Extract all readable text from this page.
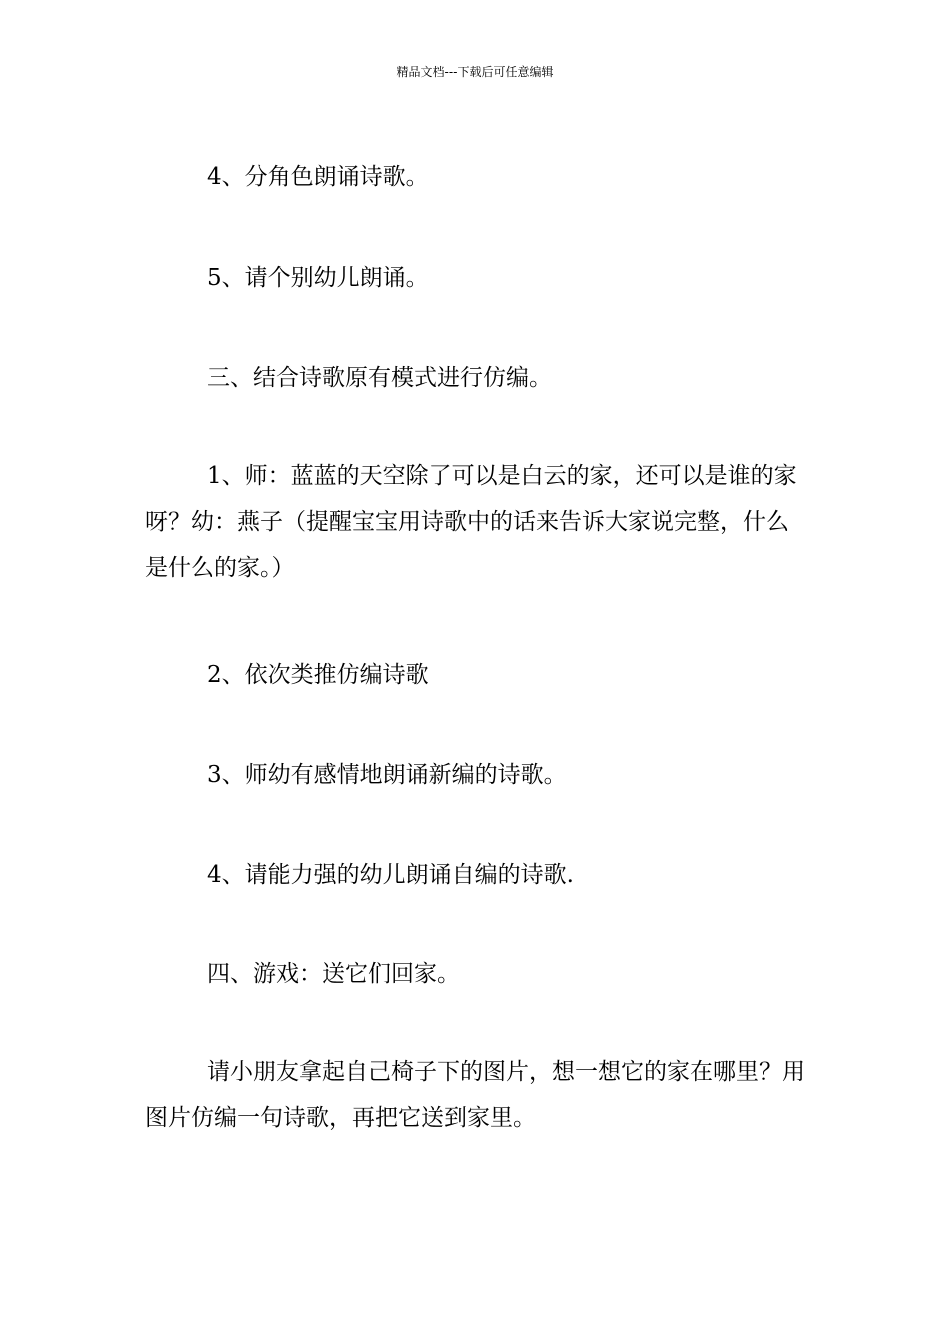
精品文档---下载后可任意编辑

4、分角色朗诵诗歌。

5、请个别幼儿朗诵。

三、结合诗歌原有模式进行仿编。

1、师：蓝蓝的天空除了可以是白云的家，还可以是谁的家呀？幼：燕子（提醒宝宝用诗歌中的话来告诉大家说完整，什么是什么的家。）

2、依次类推仿编诗歌

3、师幼有感情地朗诵新编的诗歌。

4、请能力强的幼儿朗诵自编的诗歌.

四、游戏：送它们回家。

请小朋友拿起自己椅子下的图片，想一想它的家在哪里？用图片仿编一句诗歌，再把它送到家里。
